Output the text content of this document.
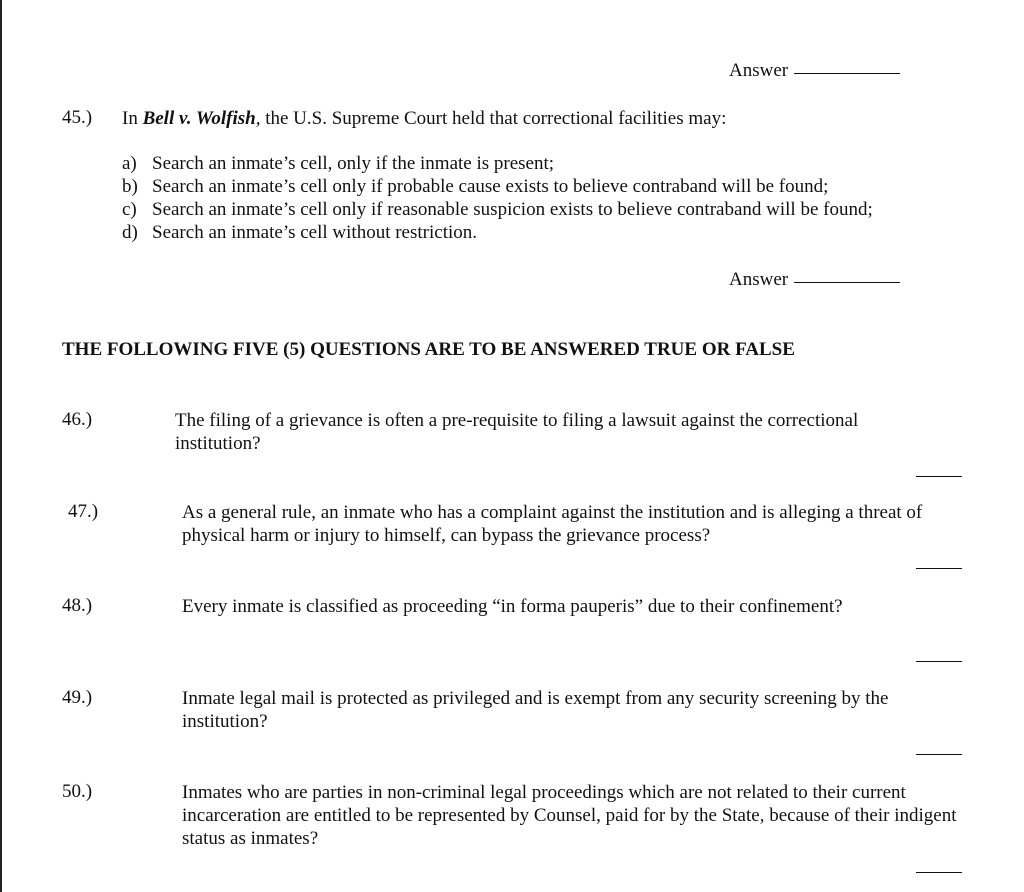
Answer
45.) In Bell v. Wolfish, the U.S. Supreme Court held that correctional facilities may:
a) Search an inmate’s cell, only if the inmate is present;
b) Search an inmate’s cell only if probable cause exists to believe contraband will be found;
c) Search an inmate’s cell only if reasonable suspicion exists to believe contraband will be found;
d) Search an inmate’s cell without restriction.
Answer
THE FOLLOWING FIVE (5) QUESTIONS ARE TO BE ANSWERED TRUE OR FALSE
46.)	The filing of a grievance is often a pre-requisite to filing a lawsuit against the correctional institution?
47.)	As a general rule, an inmate who has a complaint against the institution and is alleging a threat of physical harm or injury to himself, can bypass the grievance process?
48.)	Every inmate is classified as proceeding “in forma pauperis” due to their confinement?
49.)	Inmate legal mail is protected as privileged and is exempt from any security screening by the institution?
50.)	Inmates who are parties in non-criminal legal proceedings which are not related to their current incarceration are entitled to be represented by Counsel, paid for by the State, because of their indigent status as inmates?
